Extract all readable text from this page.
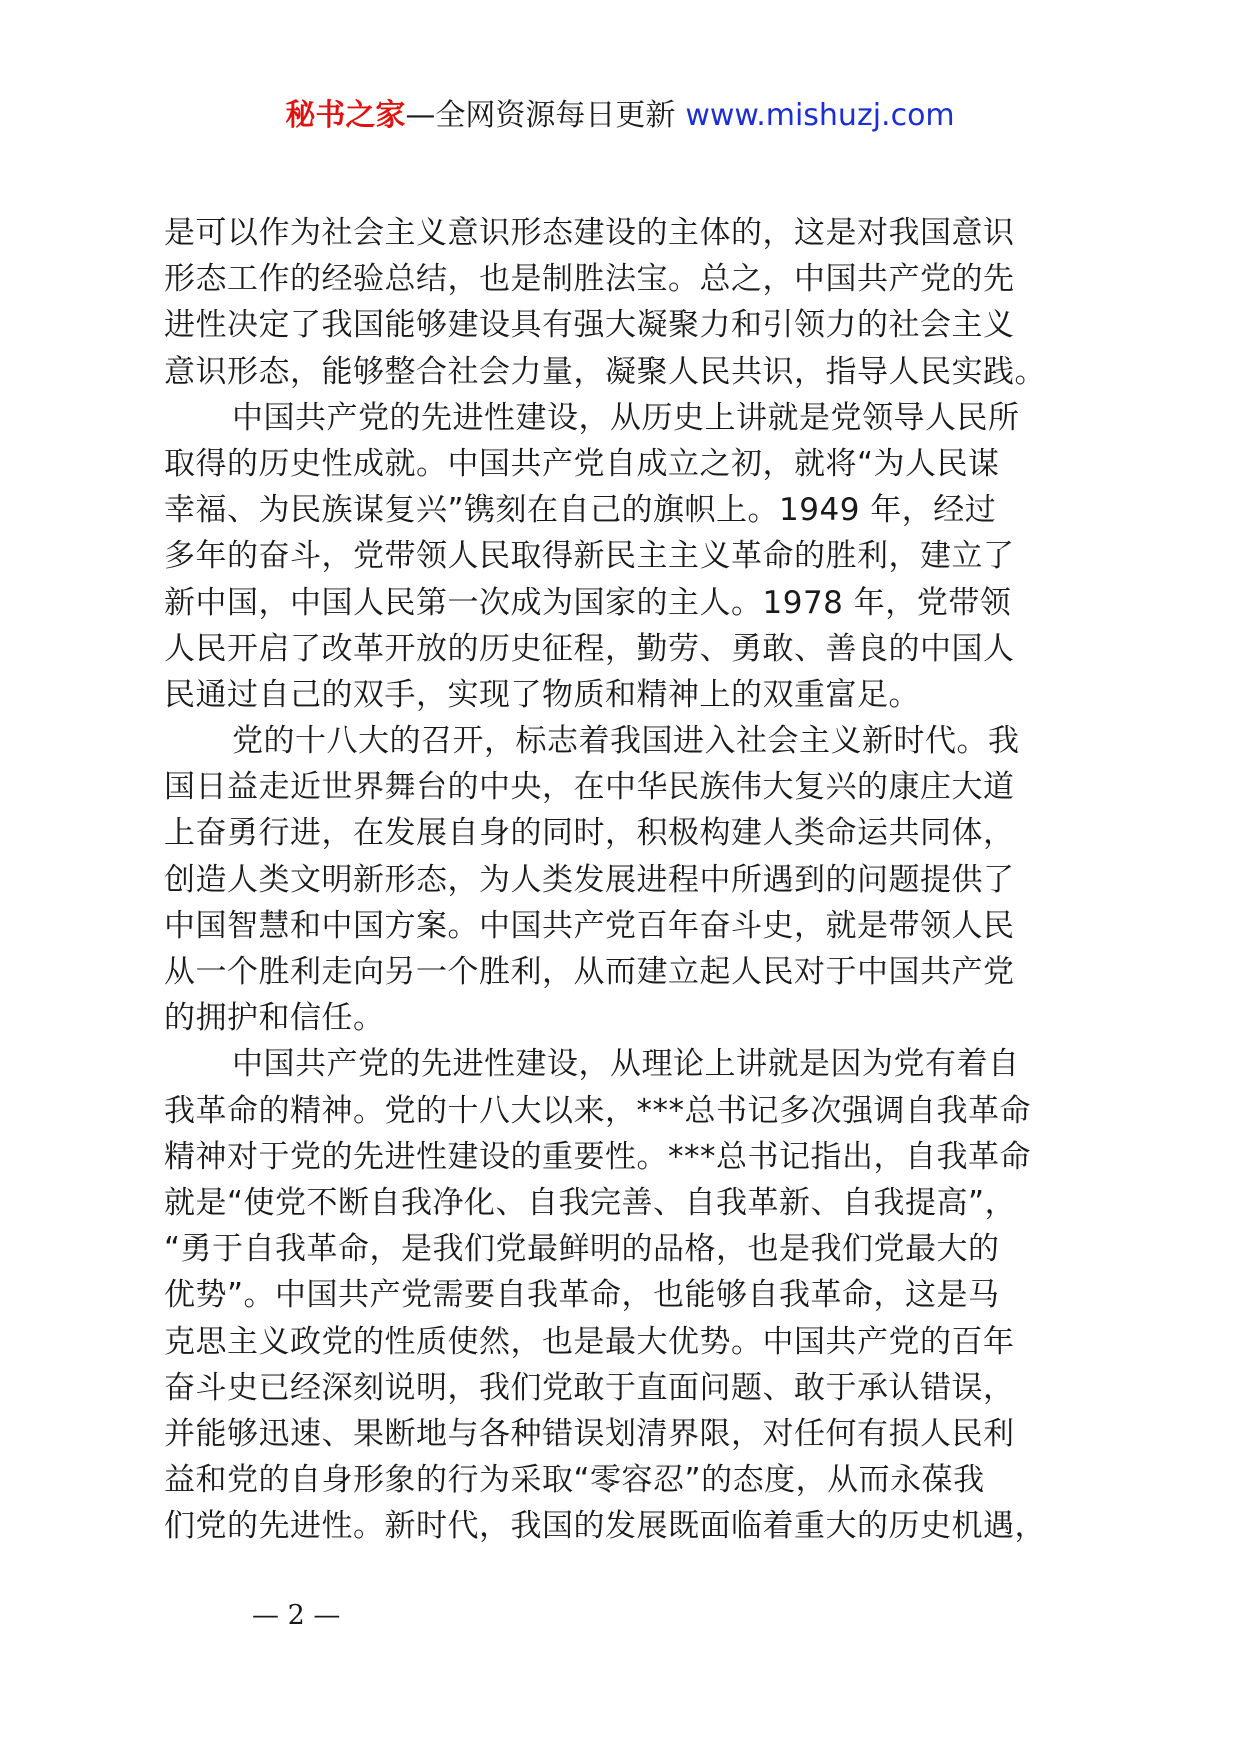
秘书之家—全网资源每日更新 www.mishuzj.com
是可以作为社会主义意识形态建设的主体的，这是对我国意识
形态工作的经验总结，也是制胜法宝。总之，中国共产党的先
进性决定了我国能够建设具有强大凝聚力和引领力的社会主义
意识形态，能够整合社会力量，凝聚人民共识，指导人民实践。
中国共产党的先进性建设，从历史上讲就是党领导人民所
取得的历史性成就。中国共产党自成立之初，就将“为人民谋
幸福、为民族谋复兴”镌刻在自己的旗帜上。1949 年，经过
多年的奋斗，党带领人民取得新民主主义革命的胜利，建立了
新中国，中国人民第一次成为国家的主人。1978 年，党带领
人民开启了改革开放的历史征程，勤劳、勇敢、善良的中国人
民通过自己的双手，实现了物质和精神上的双重富足。
党的十八大的召开，标志着我国进入社会主义新时代。我
国日益走近世界舞台的中央，在中华民族伟大复兴的康庄大道
上奋勇行进，在发展自身的同时，积极构建人类命运共同体，
创造人类文明新形态，为人类发展进程中所遇到的问题提供了
中国智慧和中国方案。中国共产党百年奋斗史，就是带领人民
从一个胜利走向另一个胜利，从而建立起人民对于中国共产党
的拥护和信任。
中国共产党的先进性建设，从理论上讲就是因为党有着自
我革命的精神。党的十八大以来，***总书记多次强调自我革命
精神对于党的先进性建设的重要性。***总书记指出，自我革命
就是“使党不断自我净化、自我完善、自我革新、自我提高”，
“勇于自我革命，是我们党最鲜明的品格，也是我们党最大的
优势”。中国共产党需要自我革命，也能够自我革命，这是马
克思主义政党的性质使然，也是最大优势。中国共产党的百年
奋斗史已经深刻说明，我们党敢于直面问题、敢于承认错误，
并能够迅速、果断地与各种错误划清界限，对任何有损人民利
益和党的自身形象的行为采取“零容忍”的态度，从而永葆我
们党的先进性。新时代，我国的发展既面临着重大的历史机遇，
— 2 —
